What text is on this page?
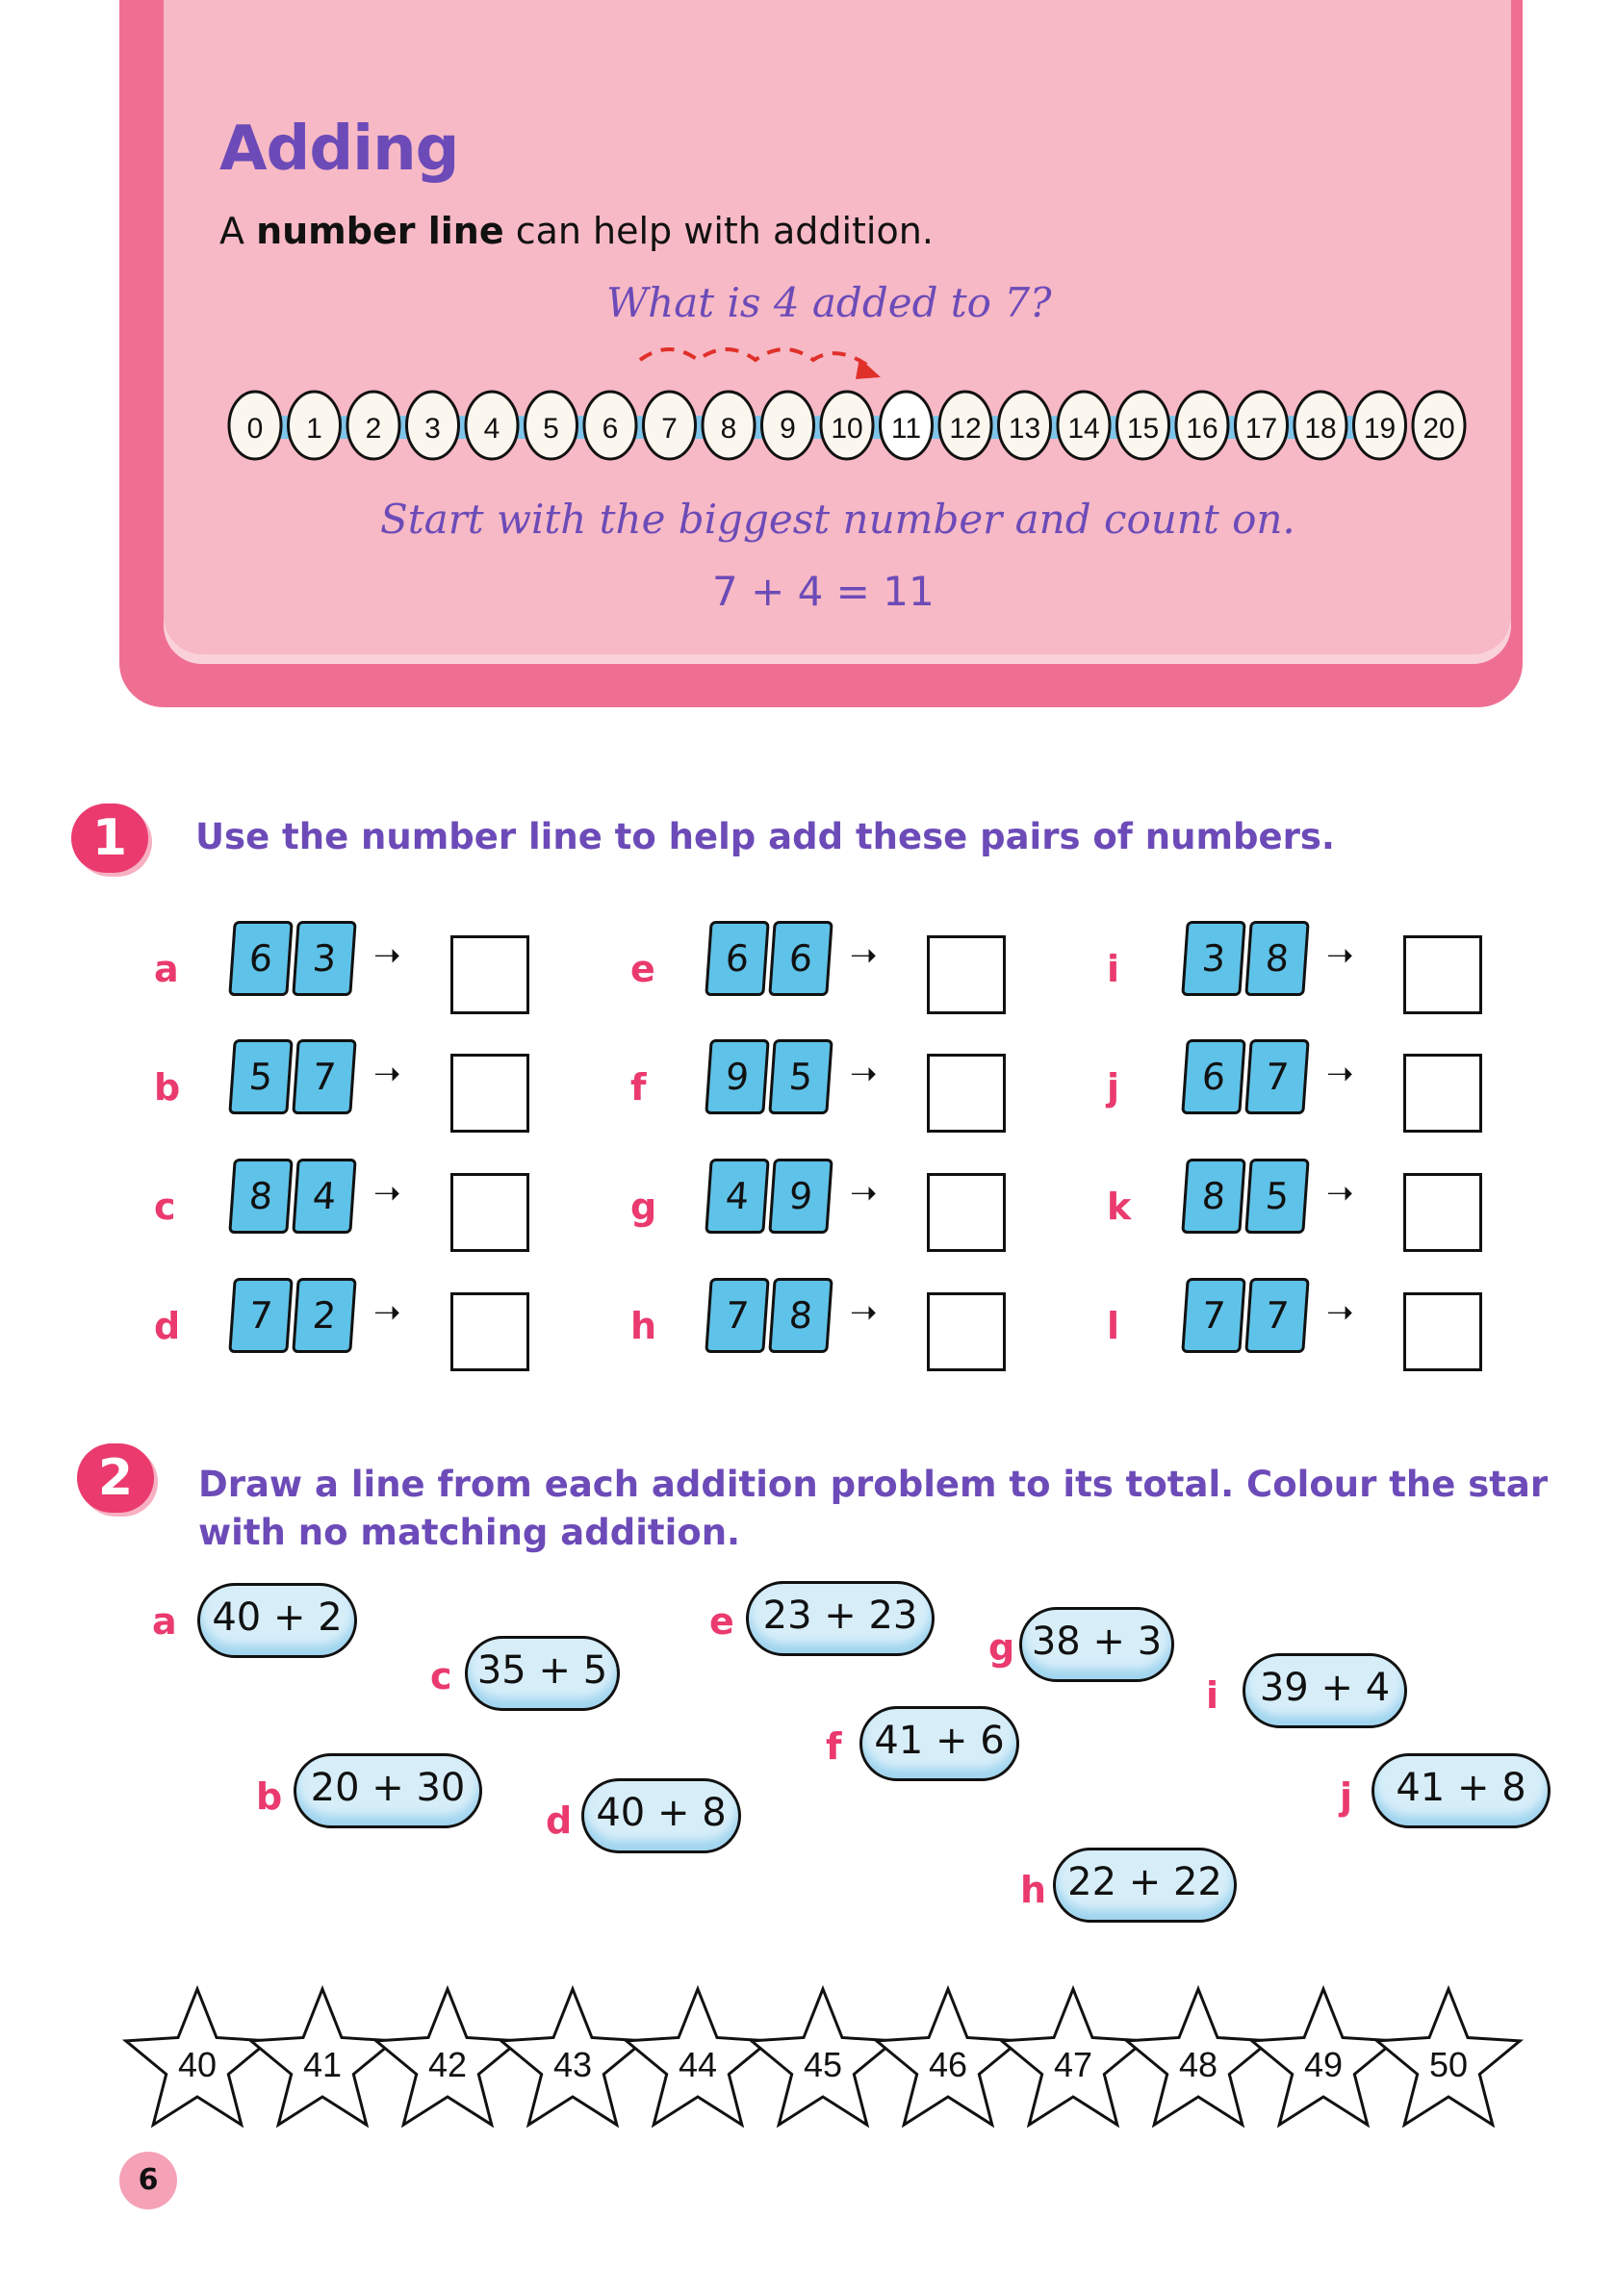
Adding
A number line can help with addition.
What is 4 added to 7?
0 1 2 3 4 5 6 7 8 9 10 11 12 13 14 15 16 17 18 19 20
Start with the biggest number and count on.
7 + 4 = 11
1	Use the number line to help add these pairs of numbers.
a	6	3	➝
b	5	7	➝
c	8	4	➝
d	7	2	➝
e	6	6	➝
f	9	5	➝
g	4	9	➝
h	7	8	➝
i	3	8	➝
j	6	7	➝
k	8	5	➝
l	7	7	➝
2	Draw a line from each addition problem to its total. Colour the star
with no matching addition.
a 40 + 2
b 20 + 30
c 35 + 5
d 40 + 8
e 23 + 23
f 41 + 6
g 38 + 3
h 22 + 22
i	39 + 4
j	41 + 8
40 41 42 43 44 45 46 47 48 49 50
6
